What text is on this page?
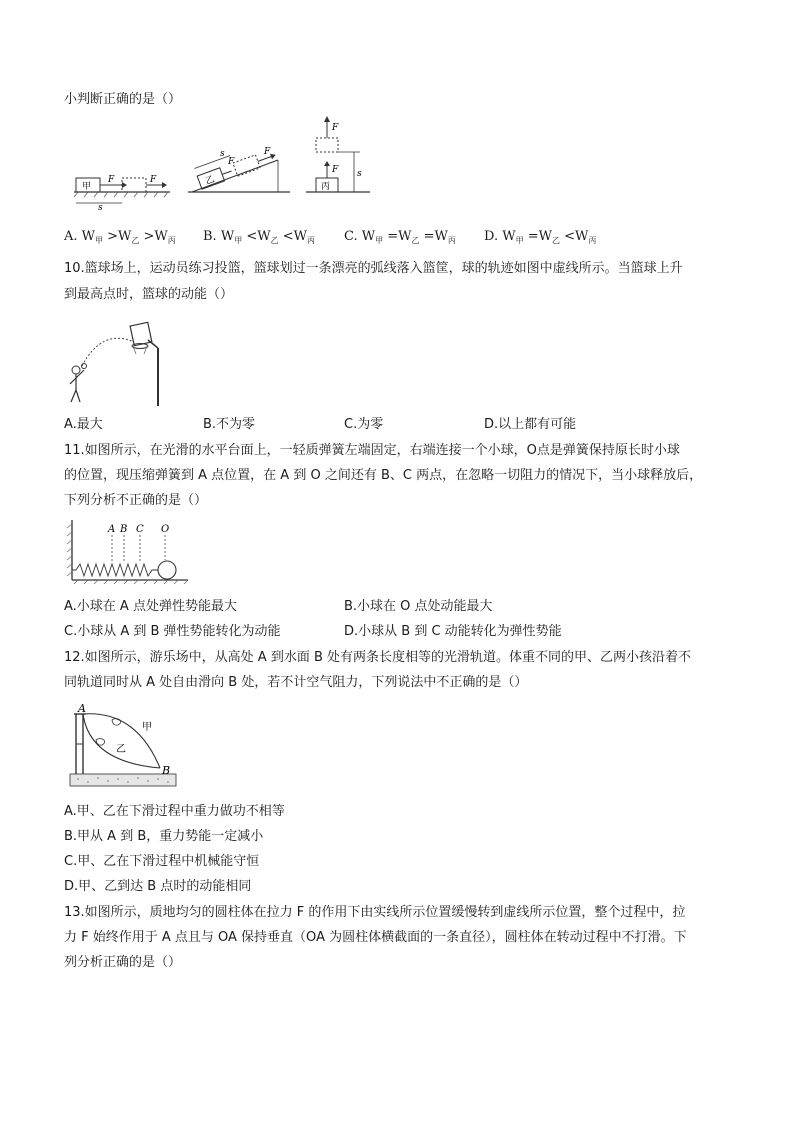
小判断正确的是（）
甲
F	F
s
乙
F
F
s
丙
F
F
s
A. $W_甲 >W_乙 >W_丙$ B. $W_甲 <W_乙 <W_丙$ C. $W_甲 =W_乙 =W_丙$ D. $W_甲 =W_乙 <W_丙$
10.篮球场上，运动员练习投篮，篮球划过一条漂亮的弧线落入篮筐，球的轨迹如图中虚线所示。当篮球上升
到最高点时，篮球的动能（）
A.最大	B.不为零	C.为零	D.以上都有可能
11.如图所示，在光滑的水平台面上，一轻质弹簧左端固定，右端连接一个小球，O点是弹簧保持原长时小球
的位置，现压缩弹簧到 A 点位置，在 A 到 O 之间还有 B、C 两点，在忽略一切阻力的情况下，当小球释放后，
下列分析不正确的是（）
A B C O
A.小球在 A 点处弹性势能最大	B.小球在 O 点处动能最大
C.小球从 A 到 B 弹性势能转化为动能	D.小球从 B 到 C 动能转化为弹性势能
12.如图所示，游乐场中，从高处 A 到水面 B 处有两条长度相等的光滑轨道。体重不同的甲、乙两小孩沿着不
同轨道同时从 A 处自由滑向 B 处，若不计空气阻力，下列说法中不正确的是（）
A
B
甲
乙
A.甲、乙在下滑过程中重力做功不相等
B.甲从 A 到 B，重力势能一定减小
C.甲、乙在下滑过程中机械能守恒
D.甲、乙到达 B 点时的动能相同
13.如图所示，质地均匀的圆柱体在拉力 F 的作用下由实线所示位置缓慢转到虚线所示位置，整个过程中，拉
力 F 始终作用于 A 点且与 OA 保持垂直（OA 为圆柱体横截面的一条直径），圆柱体在转动过程中不打滑。下
列分析正确的是（）
